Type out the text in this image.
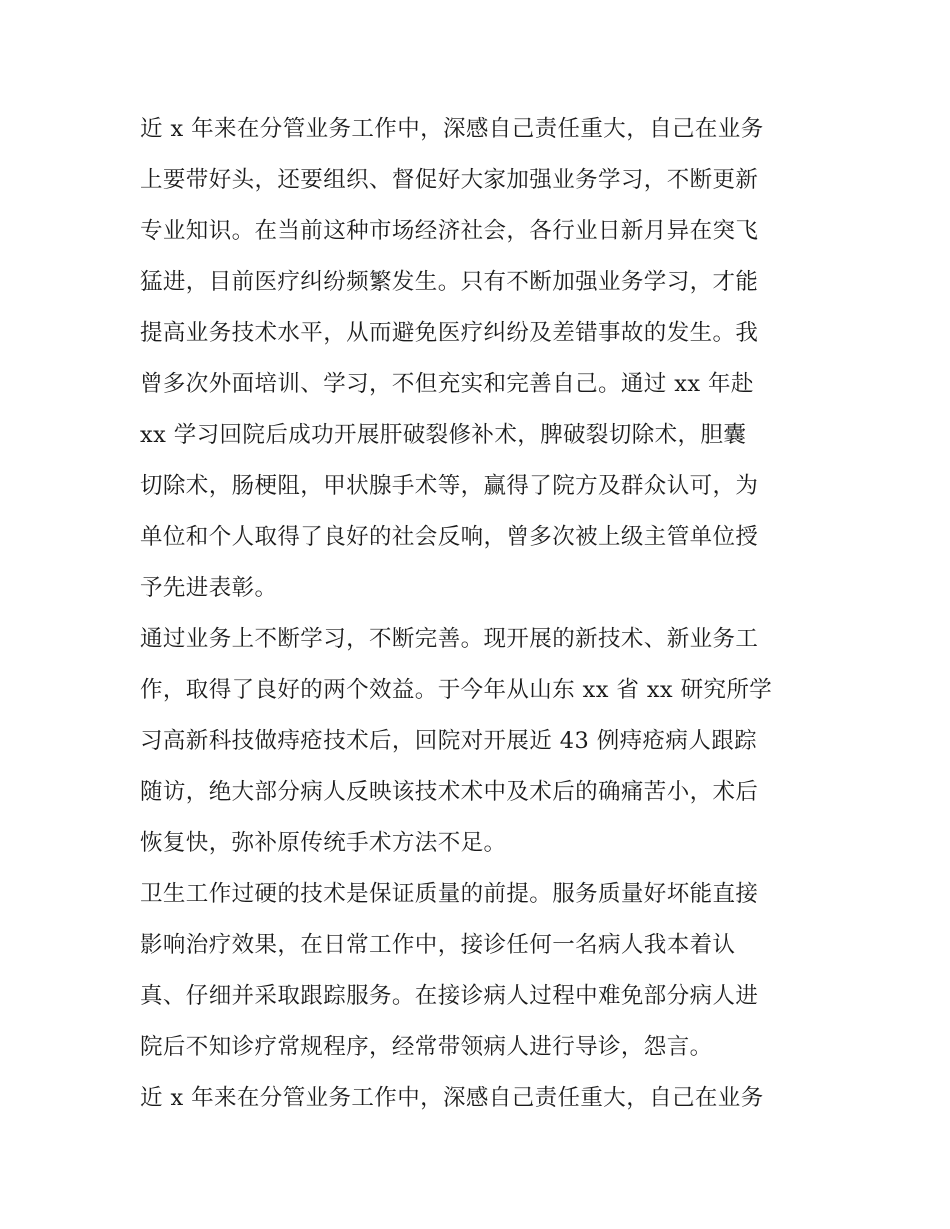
近 x 年来在分管业务工作中，深感自己责任重大，自己在业务
上要带好头，还要组织、督促好大家加强业务学习，不断更新
专业知识。在当前这种市场经济社会，各行业日新月异在突飞
猛进，目前医疗纠纷频繁发生。只有不断加强业务学习，才能
提高业务技术水平，从而避免医疗纠纷及差错事故的发生。我
曾多次外面培训、学习，不但充实和完善自己。通过 xx 年赴
xx 学习回院后成功开展肝破裂修补术，脾破裂切除术，胆囊
切除术，肠梗阻，甲状腺手术等，赢得了院方及群众认可，为
单位和个人取得了良好的社会反响，曾多次被上级主管单位授
予先进表彰。
通过业务上不断学习，不断完善。现开展的新技术、新业务工
作，取得了良好的两个效益。于今年从山东 xx 省 xx 研究所学
习高新科技做痔疮技术后，回院对开展近 43 例痔疮病人跟踪
随访，绝大部分病人反映该技术术中及术后的确痛苦小，术后
恢复快，弥补原传统手术方法不足。
卫生工作过硬的技术是保证质量的前提。服务质量好坏能直接
影响治疗效果，在日常工作中，接诊任何一名病人我本着认
真、仔细并采取跟踪服务。在接诊病人过程中难免部分病人进
院后不知诊疗常规程序，经常带领病人进行导诊，怨言。
近 x 年来在分管业务工作中，深感自己责任重大，自己在业务
